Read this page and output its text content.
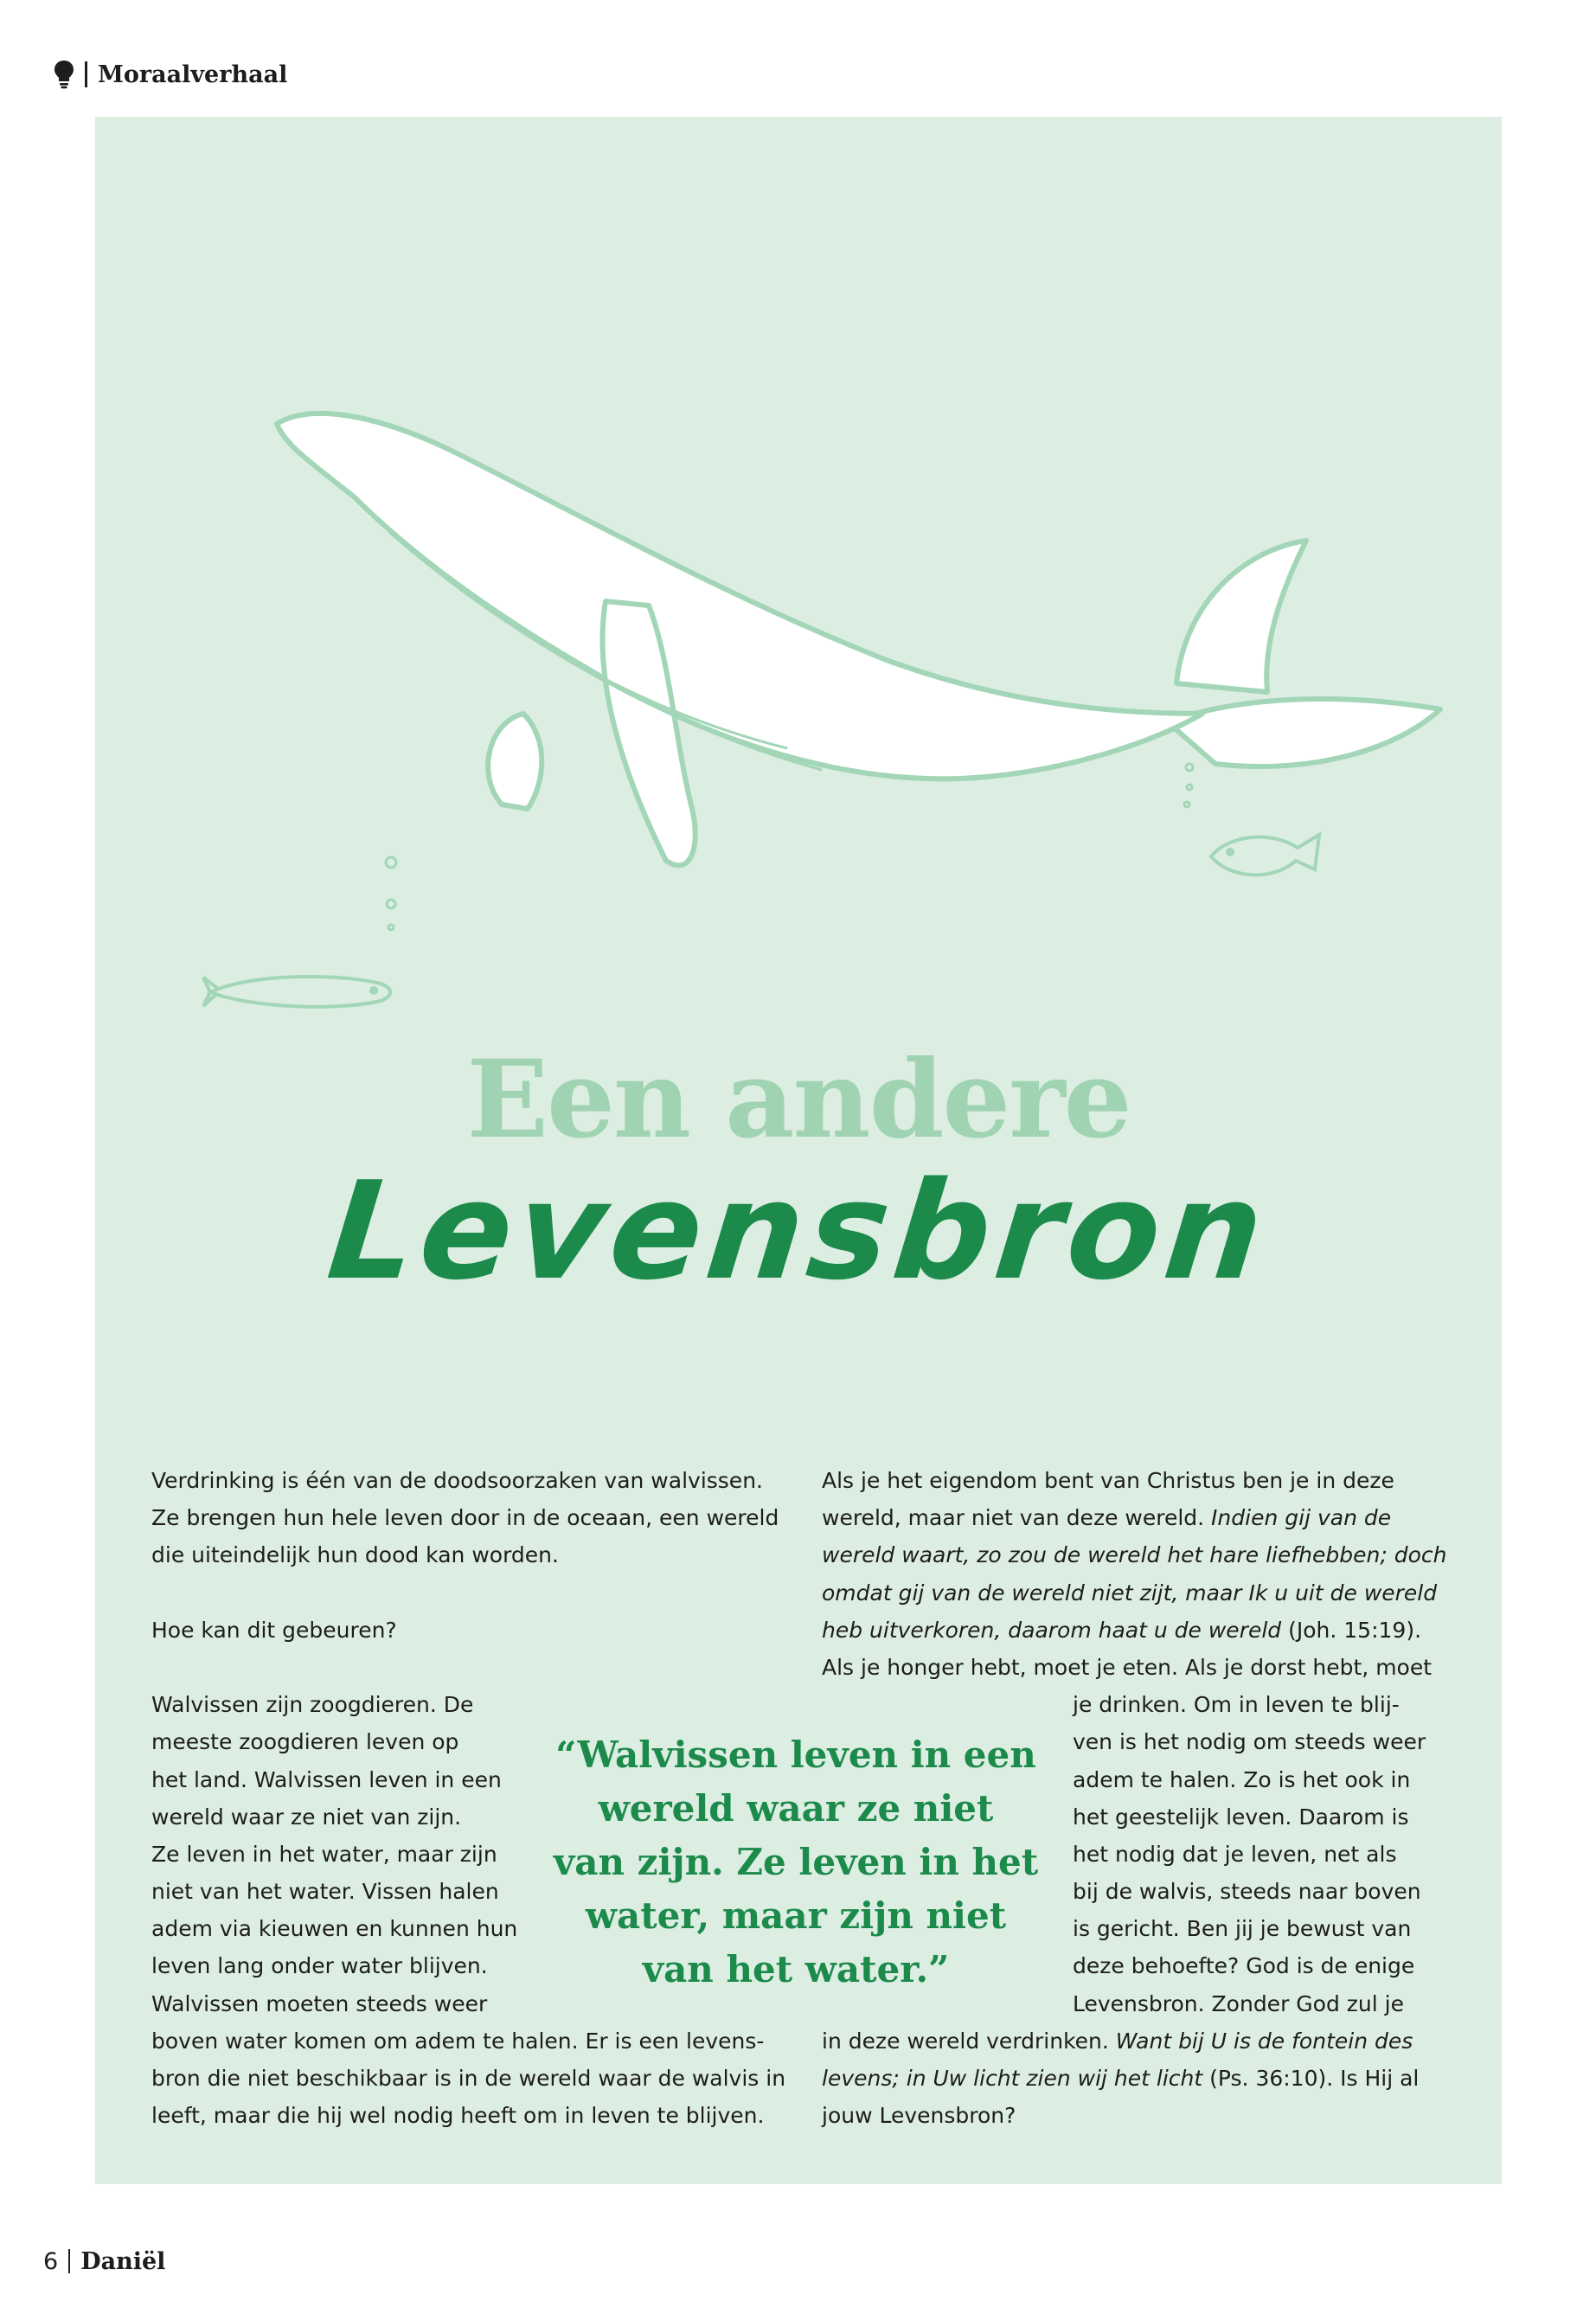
Moraalverhaal
Een andere
Levensbron
Verdrinking is één van de doodsoorzaken van walvissen.
Ze brengen hun hele leven door in de oceaan, een wereld
die uiteindelijk hun dood kan worden.
Hoe kan dit gebeuren?
Walvissen zijn zoogdieren. De
meeste zoogdieren leven op
het land. Walvissen leven in een
wereld waar ze niet van zijn.
Ze leven in het water, maar zijn
niet van het water. Vissen halen
adem via kieuwen en kunnen hun
leven lang onder water blijven.
Walvissen moeten steeds weer
boven water komen om adem te halen. Er is een levens-
bron die niet beschikbaar is in de wereld waar de walvis in
leeft, maar die hij wel nodig heeft om in leven te blijven.
Als je het eigendom bent van Christus ben je in deze
wereld, maar niet van deze wereld. Indien gij van de
wereld waart, zo zou de wereld het hare liefhebben; doch
omdat gij van de wereld niet zijt, maar Ik u uit de wereld
heb uitverkoren, daarom haat u de wereld (Joh. 15:19).
Als je honger hebt, moet je eten. Als je dorst hebt, moet
je drinken. Om in leven te blij-
ven is het nodig om steeds weer
adem te halen. Zo is het ook in
het geestelijk leven. Daarom is
het nodig dat je leven, net als
bij de walvis, steeds naar boven
is gericht. Ben jij je bewust van
deze behoefte? God is de enige
Levensbron. Zonder God zul je
in deze wereld verdrinken. Want bij U is de fontein des
levens; in Uw licht zien wij het licht (Ps. 36:10). Is Hij al
jouw Levensbron?
“Walvissen leven in een
wereld waar ze niet
van zijn. Ze leven in het
water, maar zijn niet
van het water.”
6 Daniël
